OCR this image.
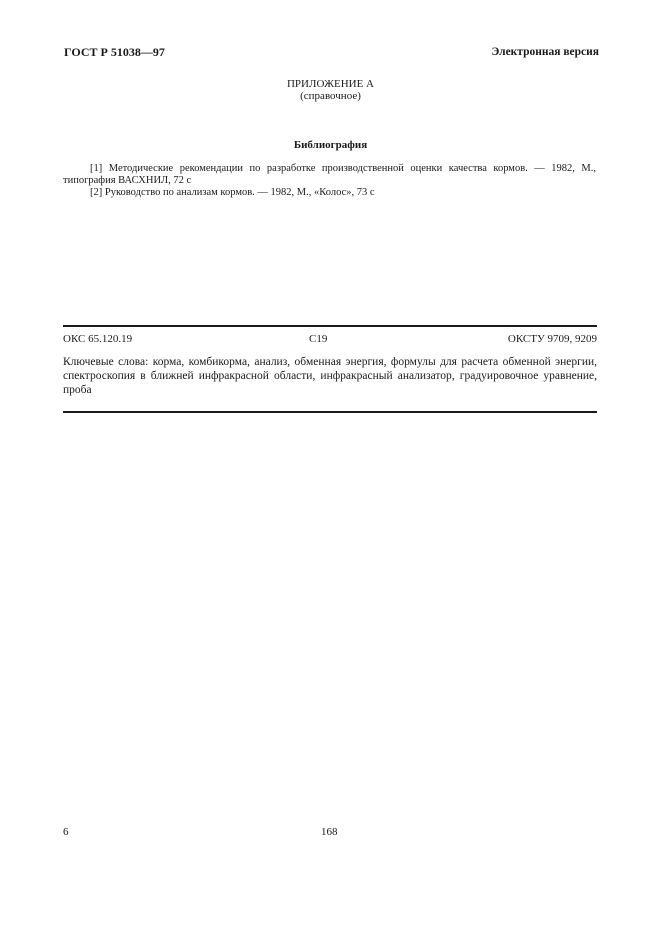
ГОСТ Р 51038—97	Электронная версия
ПРИЛОЖЕНИЕ А
(справочное)
Библиография
[1] Методические рекомендации по разработке производственной оценки качества кормов. — 1982, М., типография ВАСХНИЛ, 72 с
[2] Руководство по анализам кормов. — 1982, М., «Колос», 73 с
ОКС 65.120.19	С19	ОКСТУ 9709, 9209
Ключевые слова: корма, комбикорма, анализ, обменная энергия, формулы для расчета обменной энергии, спектроскопия в ближней инфракрасной области, инфракрасный анализатор, градуировочное уравнение, проба
6	168
